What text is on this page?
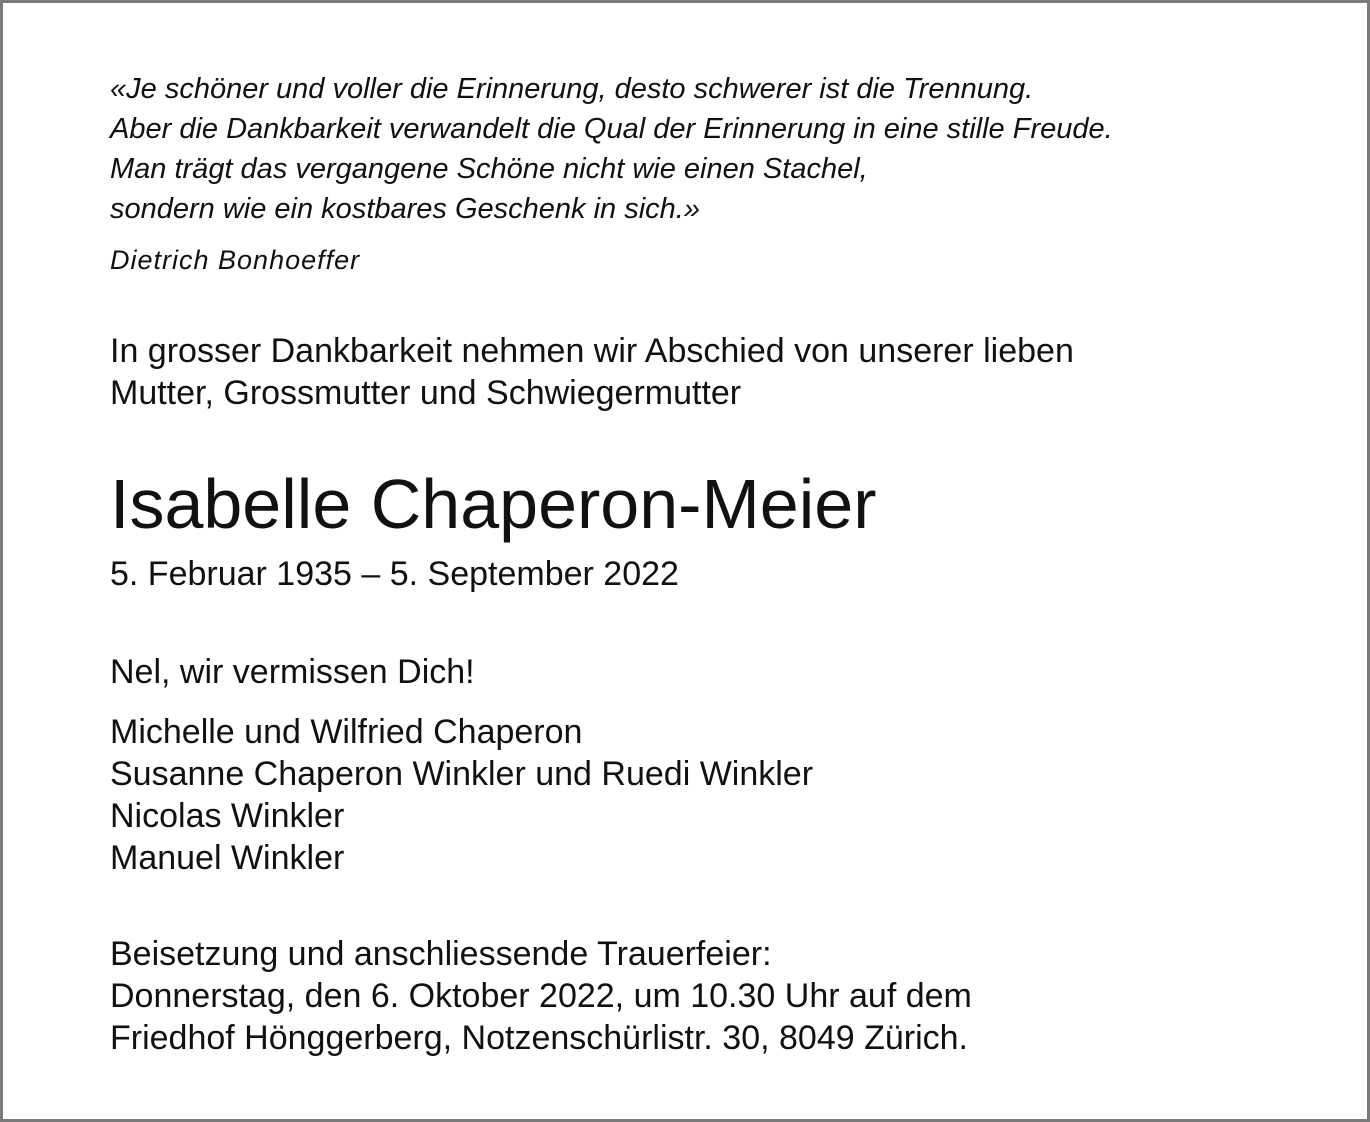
«Je schöner und voller die Erinnerung, desto schwerer ist die Trennung.
Aber die Dankbarkeit verwandelt die Qual der Erinnerung in eine stille Freude.
Man trägt das vergangene Schöne nicht wie einen Stachel,
sondern wie ein kostbares Geschenk in sich.»
Dietrich Bonhoeffer
In grosser Dankbarkeit nehmen wir Abschied von unserer lieben
Mutter, Grossmutter und Schwiegermutter
Isabelle Chaperon-Meier
5. Februar 1935 – 5. September 2022
Nel, wir vermissen Dich!
Michelle und Wilfried Chaperon
Susanne Chaperon Winkler und Ruedi Winkler
Nicolas Winkler
Manuel Winkler
Beisetzung und anschliessende Trauerfeier:
Donnerstag, den 6. Oktober 2022, um 10.30 Uhr auf dem
Friedhof Hönggerberg, Notzenschürlistr. 30, 8049 Zürich.
